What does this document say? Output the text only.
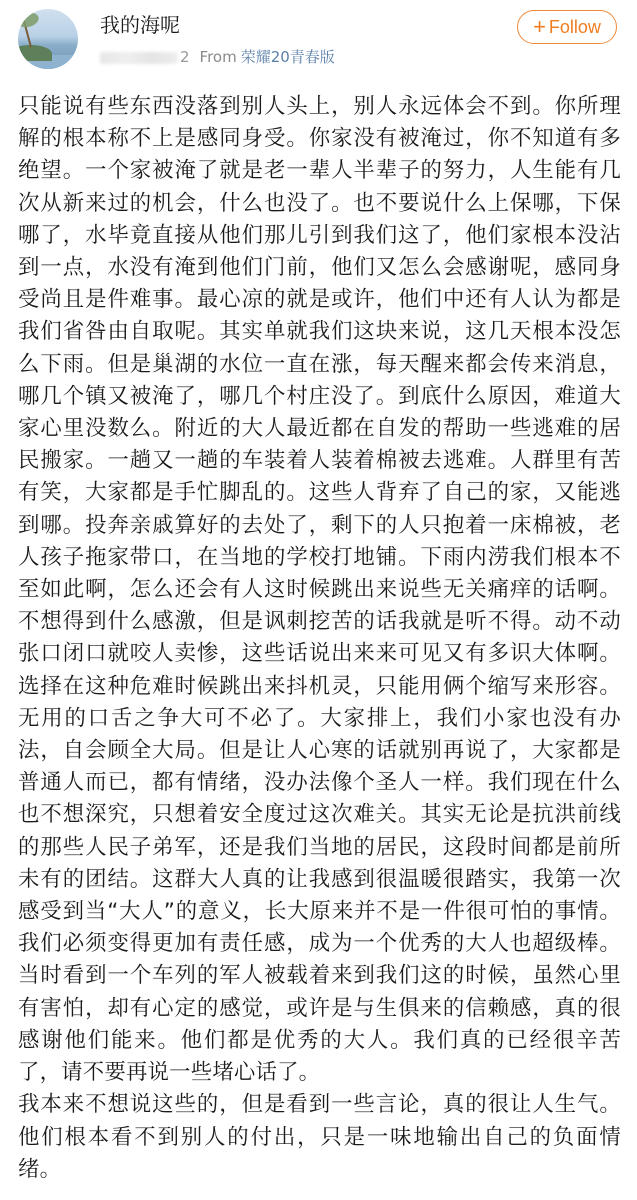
我的海呢
2 From 荣耀20青春版
+ Follow

只能说有些东西没落到别人头上，别人永远体会不到。你所理解的根本称不上是感同身受。你家没有被淹过，你不知道有多绝望。一个家被淹了就是老一辈人半辈子的努力，人生能有几次从新来过的机会，什么也没了。也不要说什么上保哪，下保哪了，水毕竟直接从他们那儿引到我们这了，他们家根本没沾到一点，水没有淹到他们门前，他们又怎么会感谢呢，感同身受尚且是件难事。最心凉的就是或许，他们中还有人认为都是我们省咎由自取呢。其实单就我们这块来说，这几天根本没怎么下雨。但是巢湖的水位一直在涨，每天醒来都会传来消息，哪几个镇又被淹了，哪几个村庄没了。到底什么原因，难道大家心里没数么。附近的大人最近都在自发的帮助一些逃难的居民搬家。一趟又一趟的车装着人装着棉被去逃难。人群里有苦有笑，大家都是手忙脚乱的。这些人背弃了自己的家，又能逃到哪。投奔亲戚算好的去处了，剩下的人只抱着一床棉被，老人孩子拖家带口，在当地的学校打地铺。下雨内涝我们根本不至如此啊，怎么还会有人这时候跳出来说些无关痛痒的话啊。不想得到什么感激，但是讽刺挖苦的话我就是听不得。动不动张口闭口就咬人卖惨，这些话说出来来可见又有多识大体啊。选择在这种危难时候跳出来抖机灵，只能用俩个缩写来形容。无用的口舌之争大可不必了。大家排上，我们小家也没有办法，自会顾全大局。但是让人心寒的话就别再说了，大家都是普通人而已，都有情绪，没办法像个圣人一样。我们现在什么也不想深究，只想着安全度过这次难关。其实无论是抗洪前线的那些人民子弟军，还是我们当地的居民，这段时间都是前所未有的团结。这群大人真的让我感到很温暖很踏实，我第一次感受到当“大人”的意义，长大原来并不是一件很可怕的事情。我们必须变得更加有责任感，成为一个优秀的大人也超级棒。当时看到一个车列的军人被载着来到我们这的时候，虽然心里有害怕，却有心定的感觉，或许是与生俱来的信赖感，真的很感谢他们能来。他们都是优秀的大人。我们真的已经很辛苦了，请不要再说一些堵心话了。

我本来不想说这些的，但是看到一些言论，真的很让人生气。他们根本看不到别人的付出，只是一味地输出自己的负面情绪。
